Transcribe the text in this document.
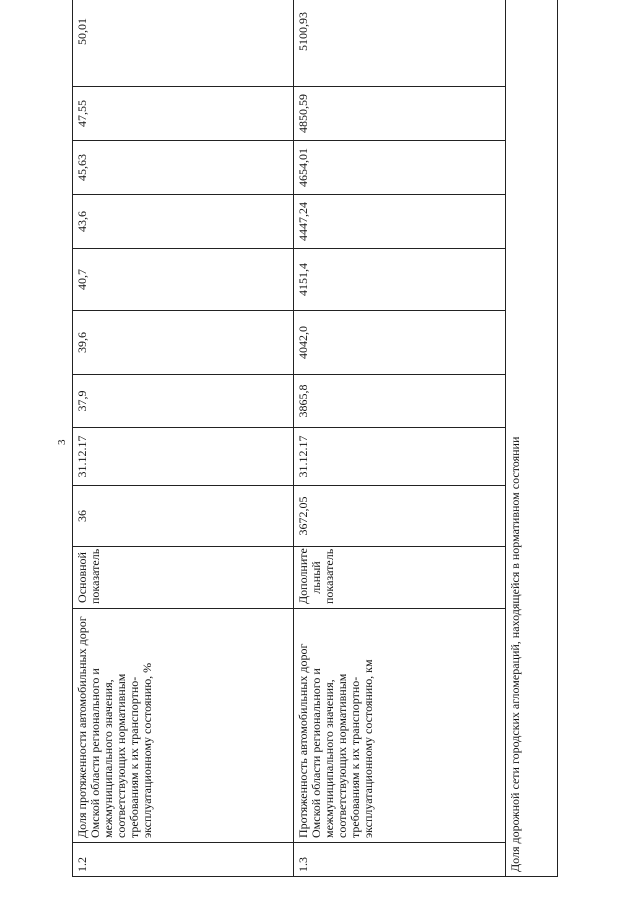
3
1.2	Доля протяженности автомобильных дорог Омской области регионального и межмуниципального значения, соответствующих нормативным требованиям к их транспортно-эксплуатационному состоянию, %	Основной показатель	36	31.12.17	37,9	39,6	40,7	43,6	45,63	47,55	50,01
1.3	Протяженность автомобильных дорог Омской области регионального и межмуниципального значения, соответствующих нормативным требованиям к их транспортно-эксплуатационному состоянию, км	Дополните льный показатель	3672,05	31.12.17	3865,8	4042,0	4151,4	4447,24	4654,01	4850,59	5100,93
Доля дорожной сети городских агломераций, находящейся в нормативном состоянии											
